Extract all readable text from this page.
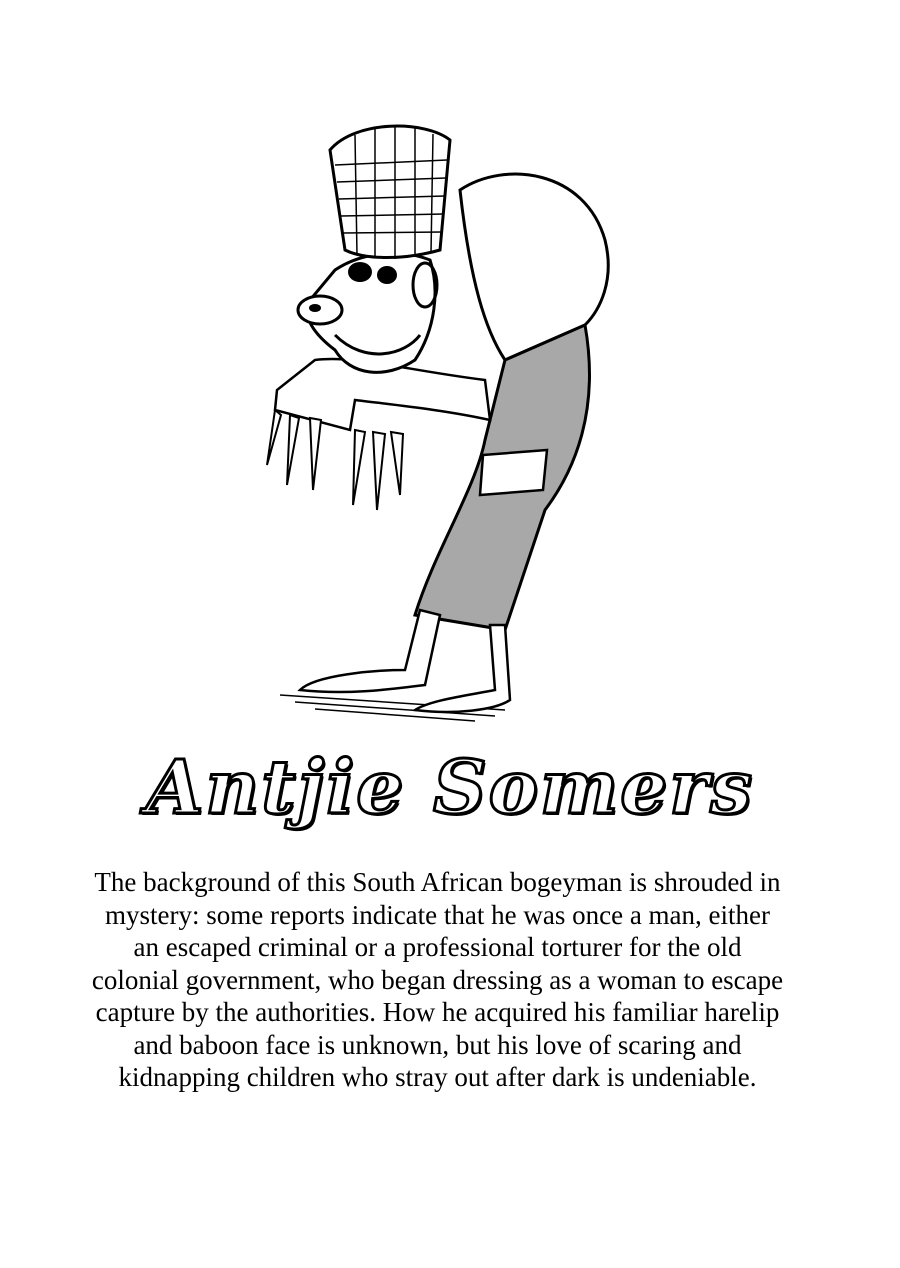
Antjie Somers
The background of this South African bogeyman is shrouded in mystery: some reports indicate that he was once a man, either an escaped criminal or a professional torturer for the old colonial government, who began dressing as a woman to escape capture by the authorities. How he acquired his familiar harelip and baboon face is unknown, but his love of scaring and kidnapping children who stray out after dark is undeniable.
